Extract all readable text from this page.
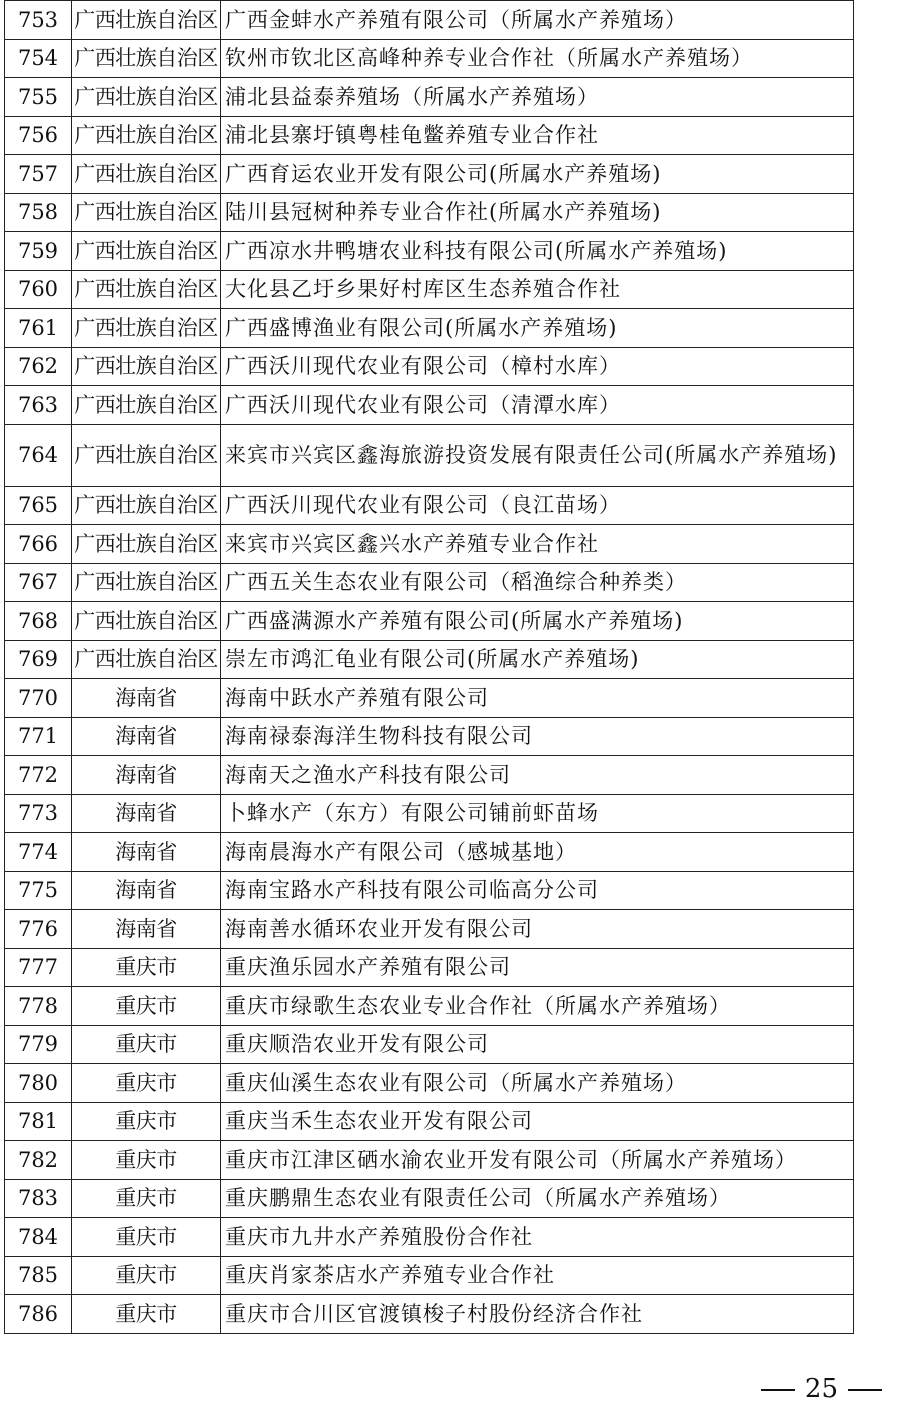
753	广西壮族自治区	广西金蚌水产养殖有限公司（所属水产养殖场）
754	广西壮族自治区	钦州市钦北区高峰种养专业合作社（所属水产养殖场）
755	广西壮族自治区	浦北县益泰养殖场（所属水产养殖场）
756	广西壮族自治区	浦北县寨圩镇粤桂龟鳖养殖专业合作社
757	广西壮族自治区	广西育运农业开发有限公司(所属水产养殖场)
758	广西壮族自治区	陆川县冠树种养专业合作社(所属水产养殖场)
759	广西壮族自治区	广西凉水井鸭塘农业科技有限公司(所属水产养殖场)
760	广西壮族自治区	大化县乙圩乡果好村库区生态养殖合作社
761	广西壮族自治区	广西盛博渔业有限公司(所属水产养殖场)
762	广西壮族自治区	广西沃川现代农业有限公司（樟村水库）
763	广西壮族自治区	广西沃川现代农业有限公司（清潭水库）
764	广西壮族自治区	来宾市兴宾区鑫海旅游投资发展有限责任公司(所属水产养殖场)
765	广西壮族自治区	广西沃川现代农业有限公司（良江苗场）
766	广西壮族自治区	来宾市兴宾区鑫兴水产养殖专业合作社
767	广西壮族自治区	广西五关生态农业有限公司（稻渔综合种养类）
768	广西壮族自治区	广西盛满源水产养殖有限公司(所属水产养殖场)
769	广西壮族自治区	崇左市鸿汇龟业有限公司(所属水产养殖场)
770	海南省	海南中跃水产养殖有限公司
771	海南省	海南禄泰海洋生物科技有限公司
772	海南省	海南天之渔水产科技有限公司
773	海南省	卜蜂水产（东方）有限公司铺前虾苗场
774	海南省	海南晨海水产有限公司（感城基地）
775	海南省	海南宝路水产科技有限公司临高分公司
776	海南省	海南善水循环农业开发有限公司
777	重庆市	重庆渔乐园水产养殖有限公司
778	重庆市	重庆市绿歌生态农业专业合作社（所属水产养殖场）
779	重庆市	重庆顺浩农业开发有限公司
780	重庆市	重庆仙溪生态农业有限公司（所属水产养殖场）
781	重庆市	重庆当禾生态农业开发有限公司
782	重庆市	重庆市江津区硒水渝农业开发有限公司（所属水产养殖场）
783	重庆市	重庆鹏鼎生态农业有限责任公司（所属水产养殖场）
784	重庆市	重庆市九井水产养殖股份合作社
785	重庆市	重庆肖家茶店水产养殖专业合作社
786	重庆市	重庆市合川区官渡镇梭子村股份经济合作社
25
